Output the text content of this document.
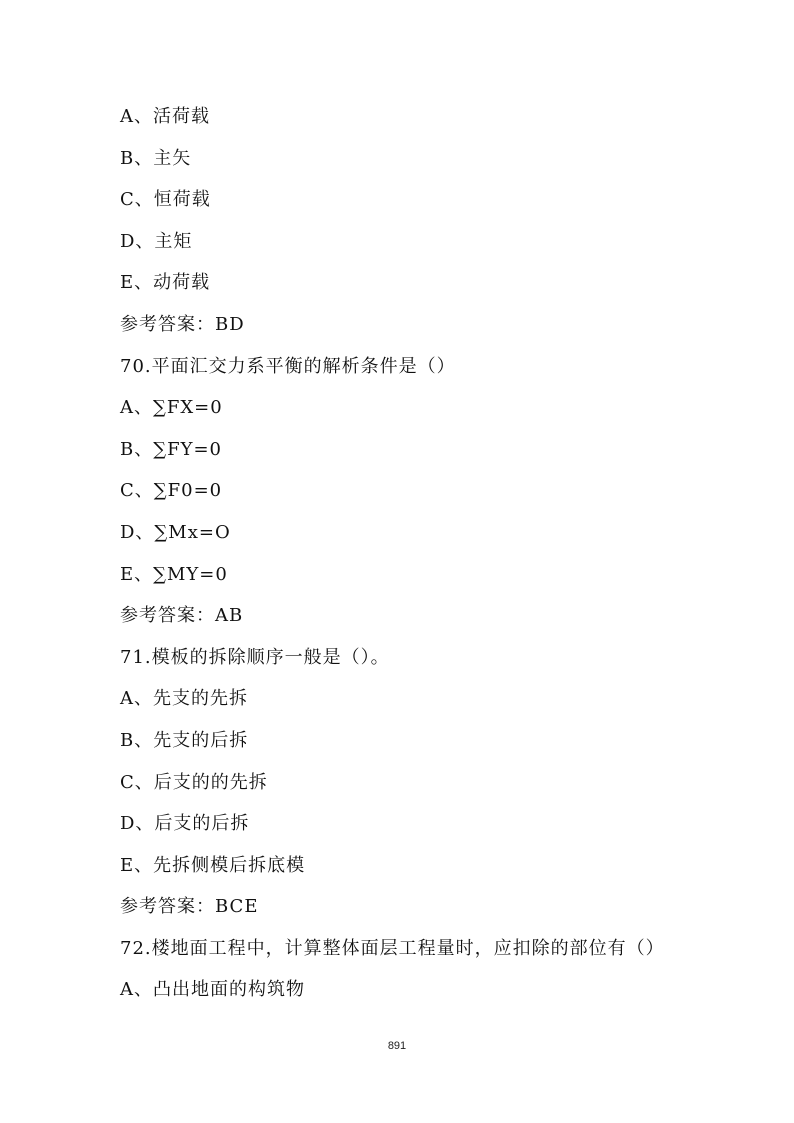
A、活荷载
B、主矢
C、恒荷载
D、主矩
E、动荷载
参考答案：BD
70.平面汇交力系平衡的解析条件是（）
A、∑FX=0
B、∑FY=0
C、∑F0=0
D、∑Mx=O
E、∑MY=0
参考答案：AB
71.模板的拆除顺序一般是（）。
A、先支的先拆
B、先支的后拆
C、后支的的先拆
D、后支的后拆
E、先拆侧模后拆底模
参考答案：BCE
72.楼地面工程中，计算整体面层工程量时，应扣除的部位有（）
A、凸出地面的构筑物
891
